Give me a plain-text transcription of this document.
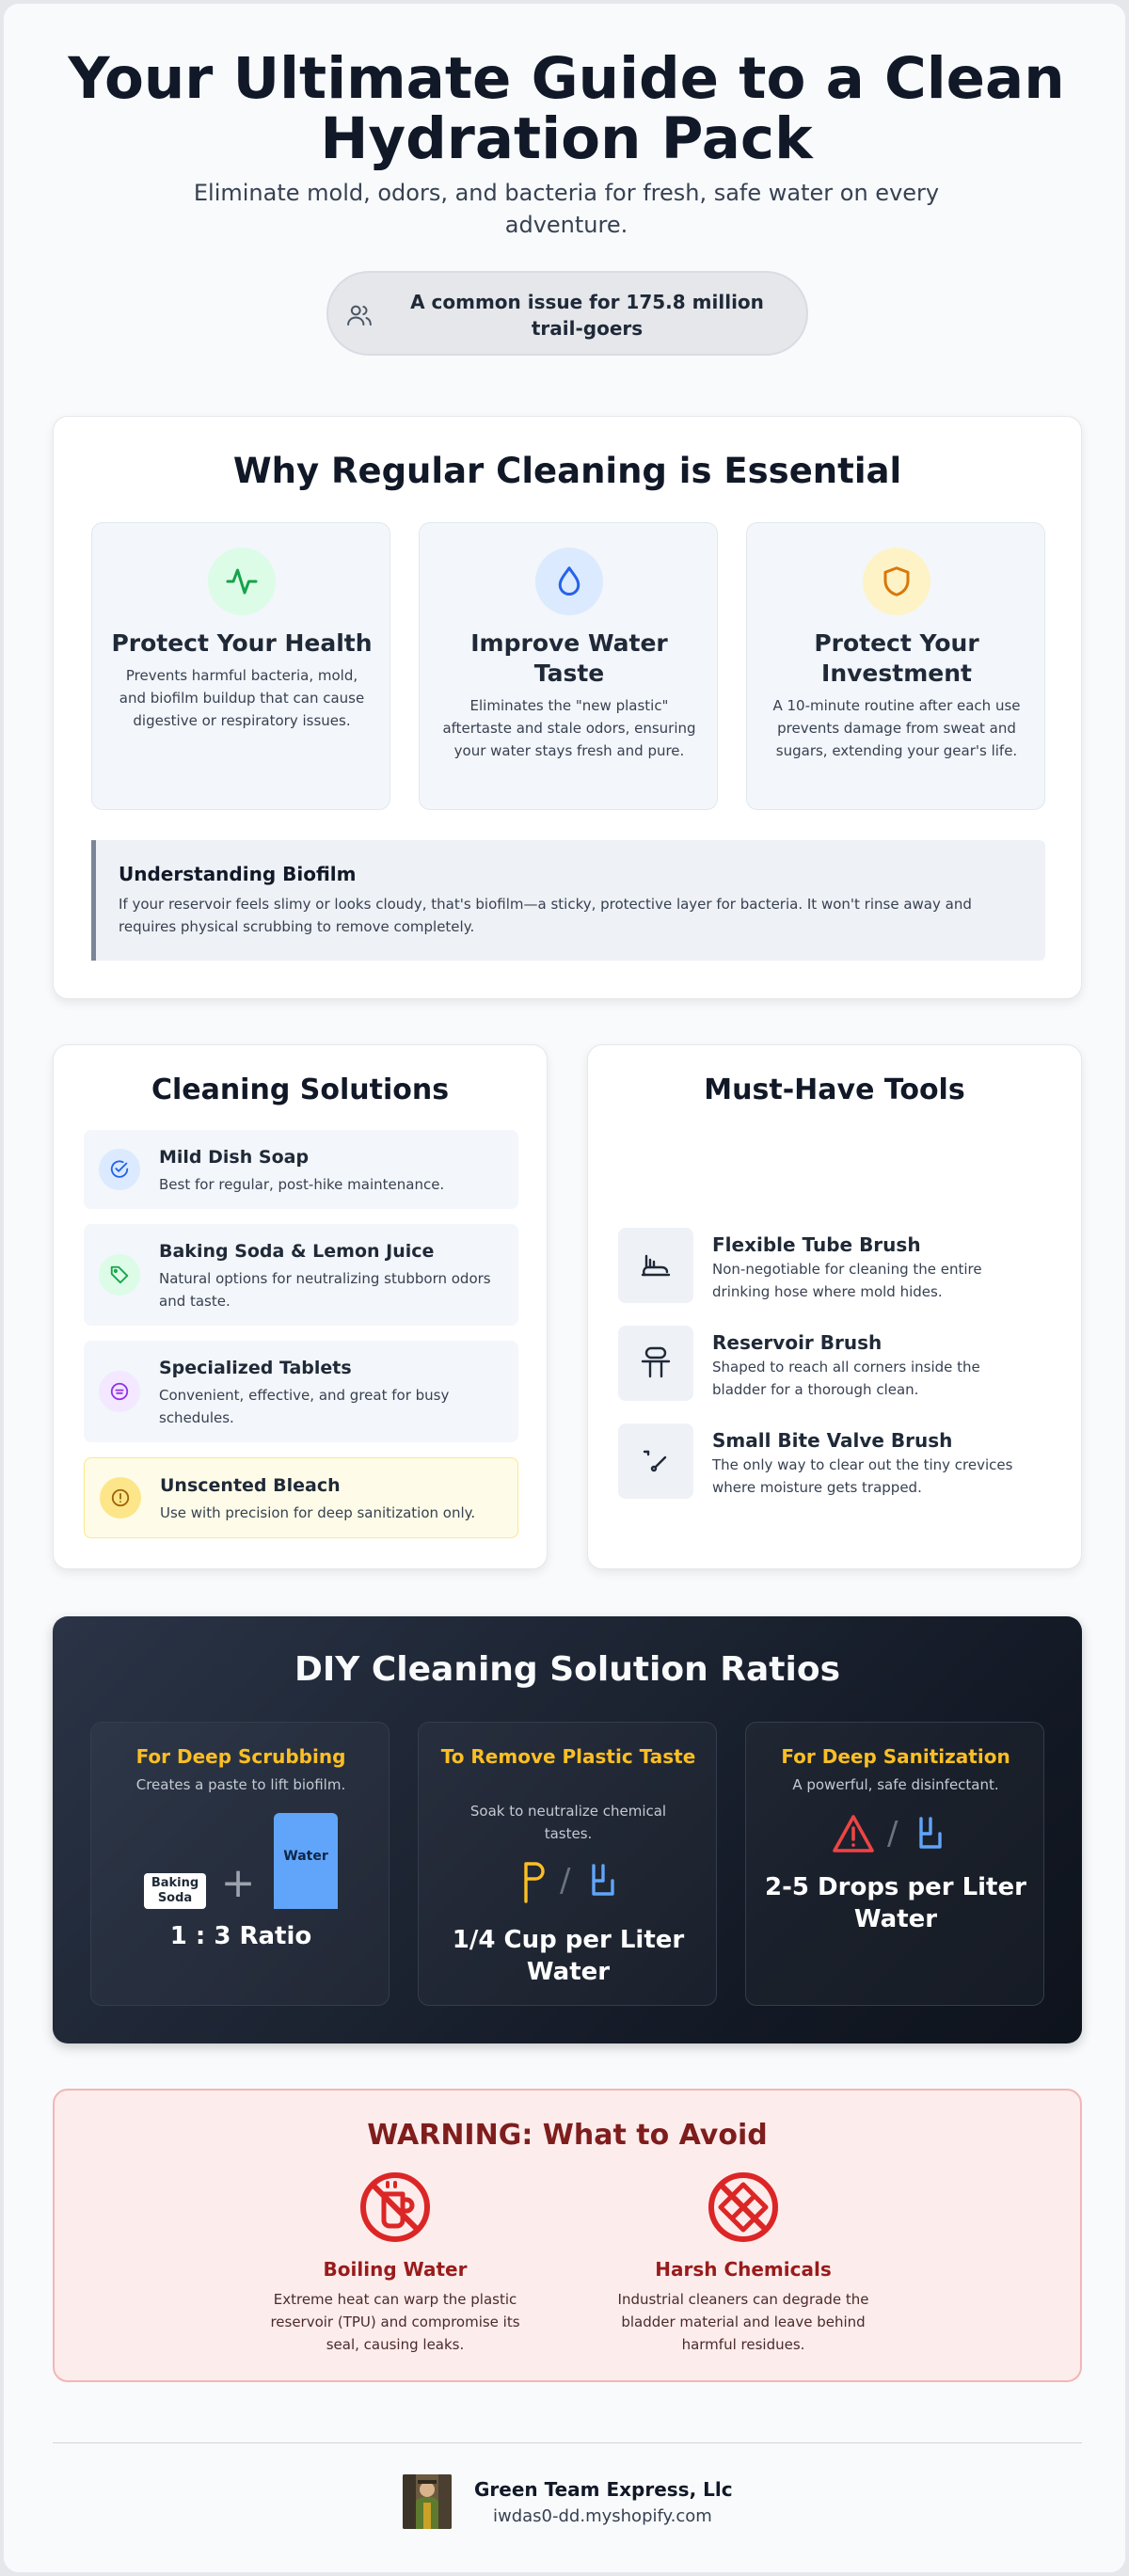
Your Ultimate Guide to a Clean Hydration Pack

Eliminate mold, odors, and bacteria for fresh, safe water on every adventure.

A common issue for 175.8 million trail-goers
Why Regular Cleaning is Essential
Protect Your Health
Prevents harmful bacteria, mold, and biofilm buildup that can cause digestive or respiratory issues.
Improve Water Taste
Eliminates the "new plastic" aftertaste and stale odors, ensuring your water stays fresh and pure.
Protect Your Investment
A 10-minute routine after each use prevents damage from sweat and sugars, extending your gear's life.
Understanding Biofilm
If your reservoir feels slimy or looks cloudy, that's biofilm—a sticky, protective layer for bacteria. It won't rinse away and requires physical scrubbing to remove completely.
Cleaning Solutions
Mild Dish Soap
Best for regular, post-hike maintenance.
Baking Soda & Lemon Juice
Natural options for neutralizing stubborn odors and taste.
Specialized Tablets
Convenient, effective, and great for busy schedules.
Unscented Bleach
Use with precision for deep sanitization only.
Must-Have Tools
Flexible Tube Brush
Non-negotiable for cleaning the entire drinking hose where mold hides.
Reservoir Brush
Shaped to reach all corners inside the bladder for a thorough clean.
Small Bite Valve Brush
The only way to clear out the tiny crevices where moisture gets trapped.
DIY Cleaning Solution Ratios
For Deep Scrubbing
Creates a paste to lift biofilm.
Baking Soda +
Water
1 : 3 Ratio
To Remove Plastic Taste
Soak to neutralize chemical tastes.
/
1/4 Cup per Liter Water
For Deep Sanitization
A powerful, safe disinfectant.
/
2-5 Drops per Liter Water
WARNING: What to Avoid
Boiling Water
Extreme heat can warp the plastic reservoir (TPU) and compromise its seal, causing leaks.
Harsh Chemicals
Industrial cleaners can degrade the bladder material and leave behind harmful residues.
Green Team Express, Llc
iwdas0-dd.myshopify.com
